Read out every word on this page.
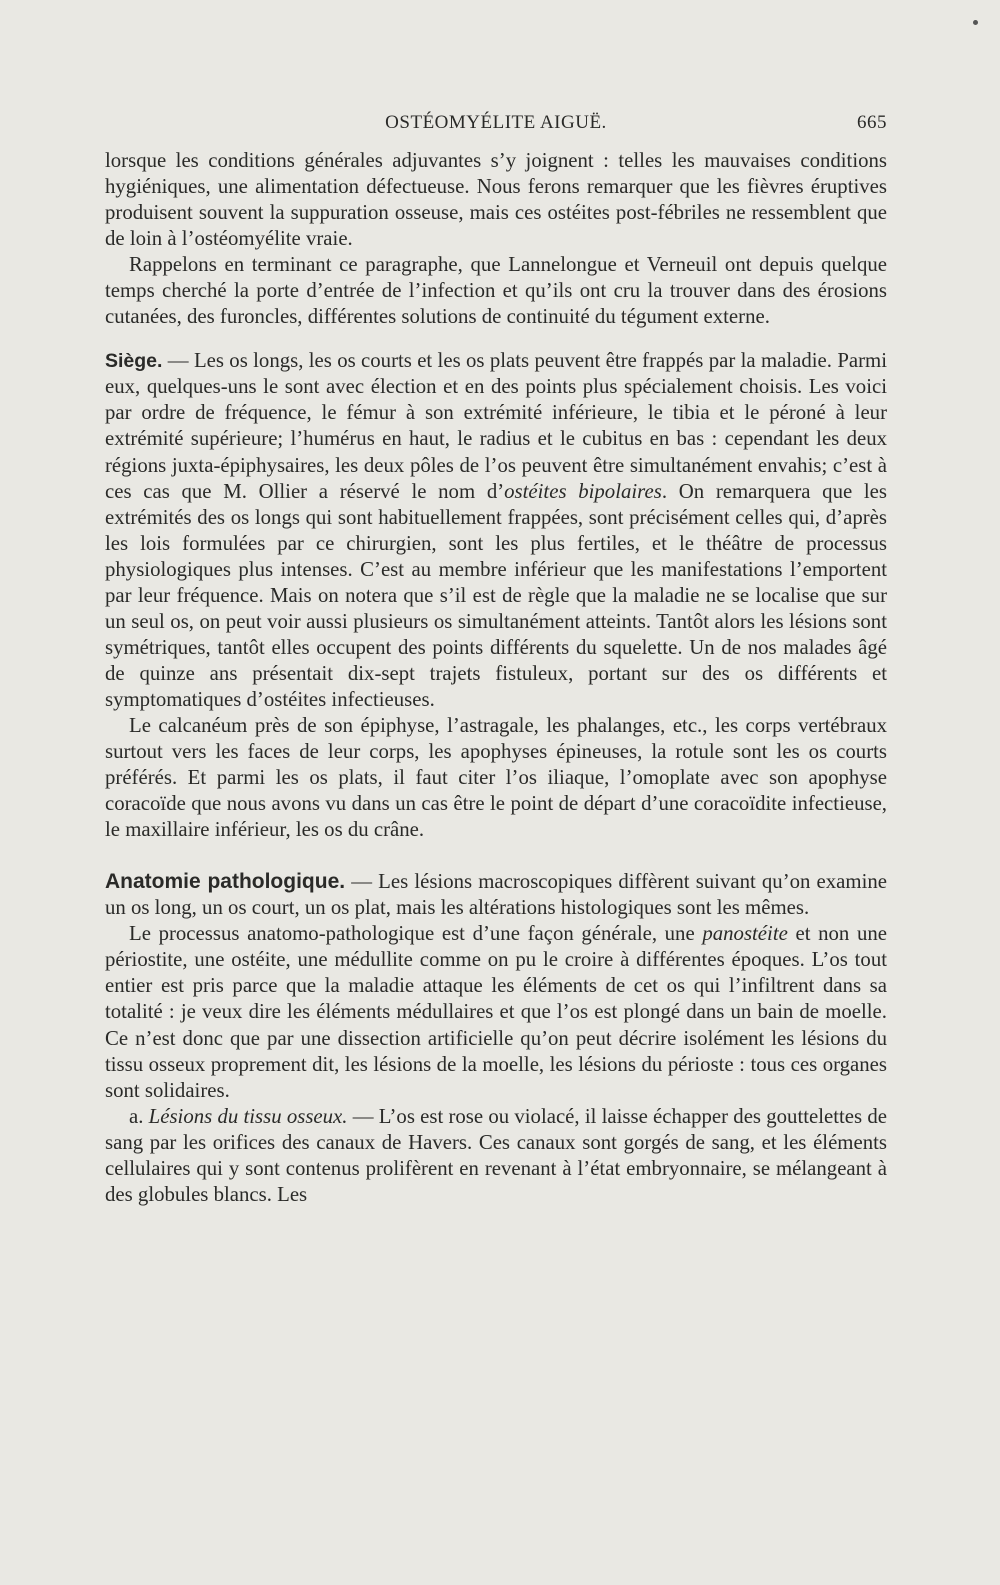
OSTÉOMYÉLITE AIGUË.	665

lorsque les conditions générales adjuvantes s’y joignent : telles les mauvaises conditions hygiéniques, une alimentation défectueuse. Nous ferons remarquer que les fièvres éruptives produisent souvent la suppuration osseuse, mais ces ostéites post-fébriles ne ressemblent que de loin à l’ostéomyélite vraie.

Rappelons en terminant ce paragraphe, que Lannelongue et Verneuil ont depuis quelque temps cherché la porte d’entrée de l’infection et qu’ils ont cru la trouver dans des érosions cutanées, des furoncles, différentes solutions de continuité du tégument externe.

Siège. — Les os longs, les os courts et les os plats peuvent être frappés par la maladie. Parmi eux, quelques-uns le sont avec élection et en des points plus spécialement choisis. Les voici par ordre de fréquence, le fémur à son extrémité inférieure, le tibia et le péroné à leur extrémité supérieure; l’humérus en haut, le radius et le cubitus en bas : cependant les deux régions juxta-épiphysaires, les deux pôles de l’os peuvent être simultanément envahis; c’est à ces cas que M. Ollier a réservé le nom d’ostéites bipolaires. On remarquera que les extrémités des os longs qui sont habituellement frappées, sont précisément celles qui, d’après les lois formulées par ce chirurgien, sont les plus fertiles, et le théâtre de processus physiologiques plus intenses. C’est au membre inférieur que les manifestations l’emportent par leur fréquence. Mais on notera que s’il est de règle que la maladie ne se localise que sur un seul os, on peut voir aussi plusieurs os simultanément atteints. Tantôt alors les lésions sont symétriques, tantôt elles occupent des points différents du squelette. Un de nos malades âgé de quinze ans présentait dix-sept trajets fistuleux, portant sur des os différents et symptomatiques d’ostéites infectieuses.

Le calcanéum près de son épiphyse, l’astragale, les phalanges, etc., les corps vertébraux surtout vers les faces de leur corps, les apophyses épineuses, la rotule sont les os courts préférés. Et parmi les os plats, il faut citer l’os iliaque, l’omoplate avec son apophyse coracoïde que nous avons vu dans un cas être le point de départ d’une coracoïdite infectieuse, le maxillaire inférieur, les os du crâne.

Anatomie pathologique. — Les lésions macroscopiques diffèrent suivant qu’on examine un os long, un os court, un os plat, mais les altérations histologiques sont les mêmes.

Le processus anatomo-pathologique est d’une façon générale, une panostéite et non une périostite, une ostéite, une médullite comme on pu le croire à différentes époques. L’os tout entier est pris parce que la maladie attaque les éléments de cet os qui l’infiltrent dans sa totalité : je veux dire les éléments médullaires et que l’os est plongé dans un bain de moelle. Ce n’est donc que par une dissection artificielle qu’on peut décrire isolément les lésions du tissu osseux proprement dit, les lésions de la moelle, les lésions du périoste : tous ces organes sont solidaires.

a. Lésions du tissu osseux. — L’os est rose ou violacé, il laisse échapper des gouttelettes de sang par les orifices des canaux de Havers. Ces canaux sont gorgés de sang, et les éléments cellulaires qui y sont contenus prolifèrent en revenant à l’état embryonnaire, se mélangeant à des globules blancs. Les
